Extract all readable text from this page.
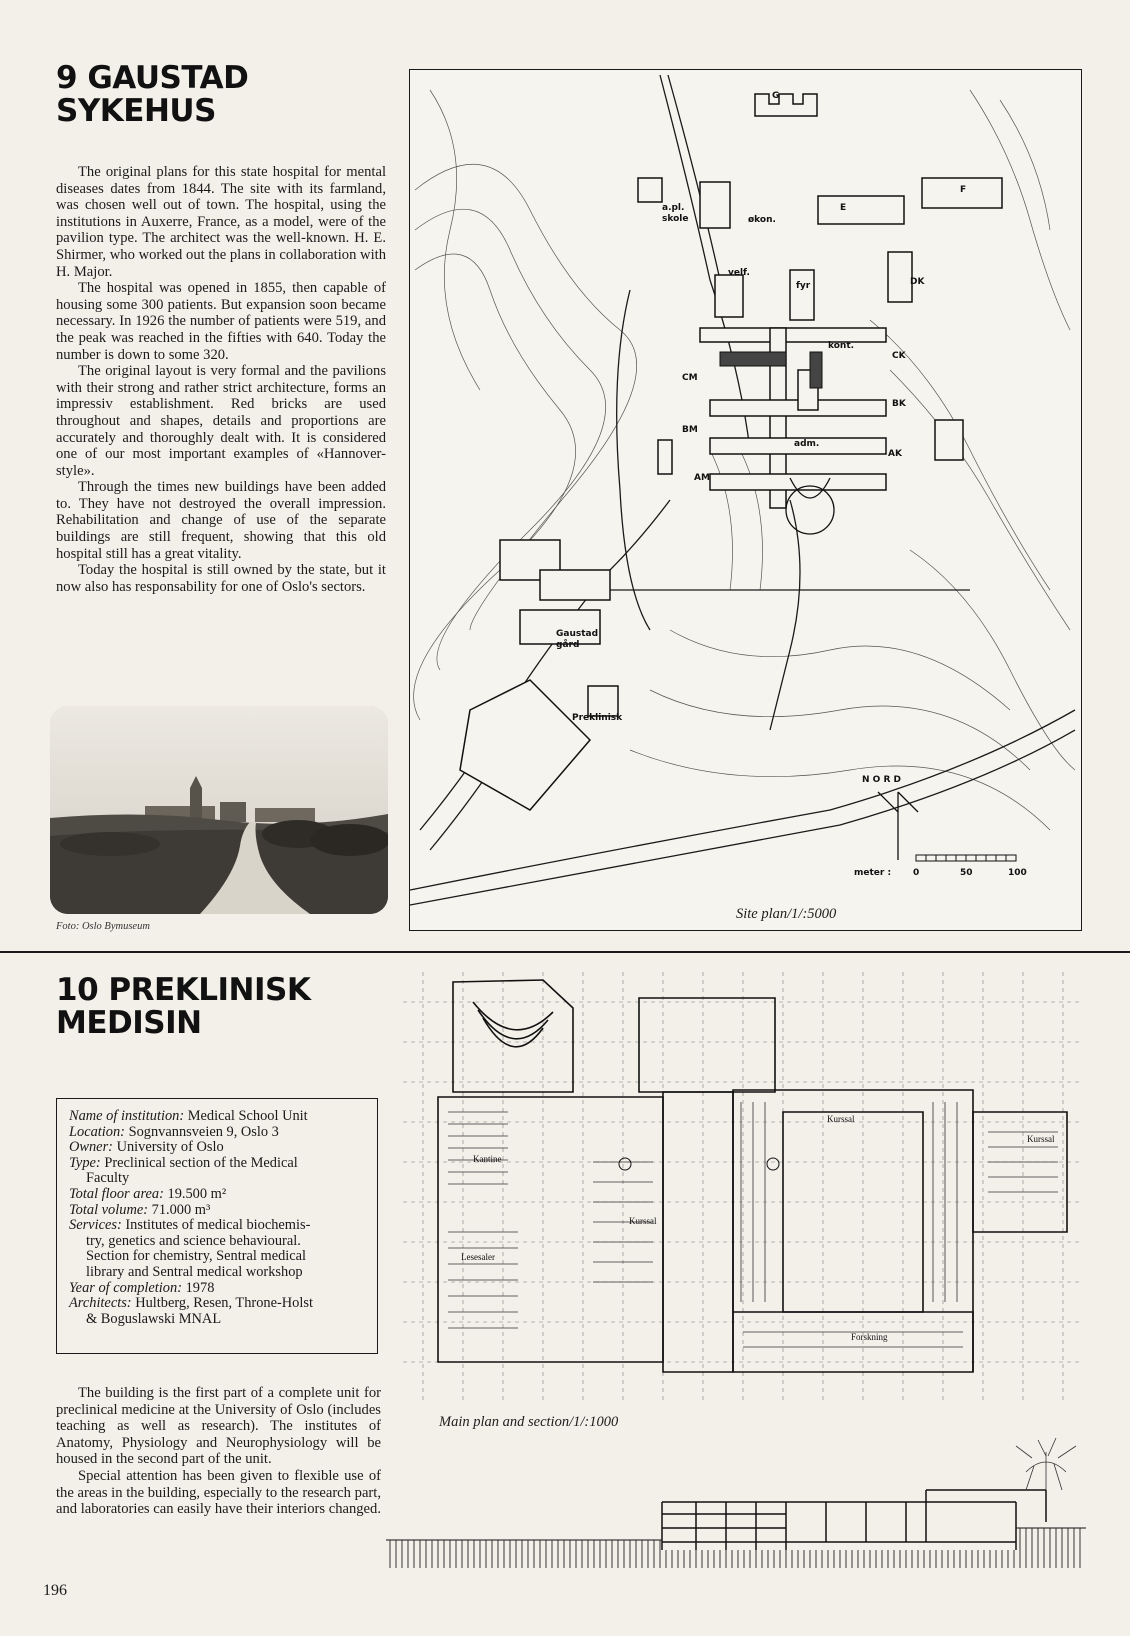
9 GAUSTAD
SYKEHUS

The original plans for this state hospital for mental diseases dates from 1844. The site with its farmland, was chosen well out of town. The hospital, using the institutions in Auxerre, France, as a model, were of the pavilion type. The architect was the well-known. H. E. Shirmer, who worked out the plans in collaboration with H. Major.

The hospital was opened in 1855, then capable of housing some 300 patients. But expansion soon became necessary. In 1926 the number of patients were 519, and the peak was reached in the fifties with 640. Today the number is down to some 320.

The original layout is very formal and the pavilions with their strong and rather strict architecture, forms an impressiv establishment. Red bricks are used throughout and shapes, details and proportions are accurately and thoroughly dealt with. It is considered one of our most important examples of «Hannover-style».

Through the times new buildings have been added to. They have not destroyed the overall impression. Rehabilitation and change of use of the separate buildings are still frequent, showing that this old hospital still has a great vitality.

Today the hospital is still owned by the state, but it now also has responsability for one of Oslo's sectors.

Foto: Oslo Bymuseum
G
F
E
a.pl.
skole	økon.
velf.
fyr	DK
kont.
CK
CM
BK
BM
adm.
AK
AM
Gaustad
gård
Preklinisk
N O R D
meter : 0	50	100
Site plan/1/:5000
10 PREKLINISK
MEDISIN
Name of institution: Medical School Unit
Location: Sognvannsveien 9, Oslo 3
Owner: University of Oslo
Type: Preclinical section of the Medical
Faculty
Total floor area: 19.500 m²
Total volume: 71.000 m³
Services: Institutes of medical biochemis-
try, genetics and science behavioural.
Section for chemistry, Sentral medical
library and Sentral medical workshop
Year of completion: 1978
Architects: Hultberg, Resen, Throne-Holst
& Boguslawski MNAL

The building is the first part of a complete unit for preclinical medicine at the University of Oslo (includes teaching as well as research). The institutes of Anatomy, Physiology and Neurophysiology will be housed in the second part of the unit.

Special attention has been given to flexible use of the areas in the building, especially to the research part, and laboratories can easily have their interiors changed.

Kantine
Lesesaler
Kurssal
Kurssal
Kurssal
Forskning
Main plan and section/1/:1000
196
